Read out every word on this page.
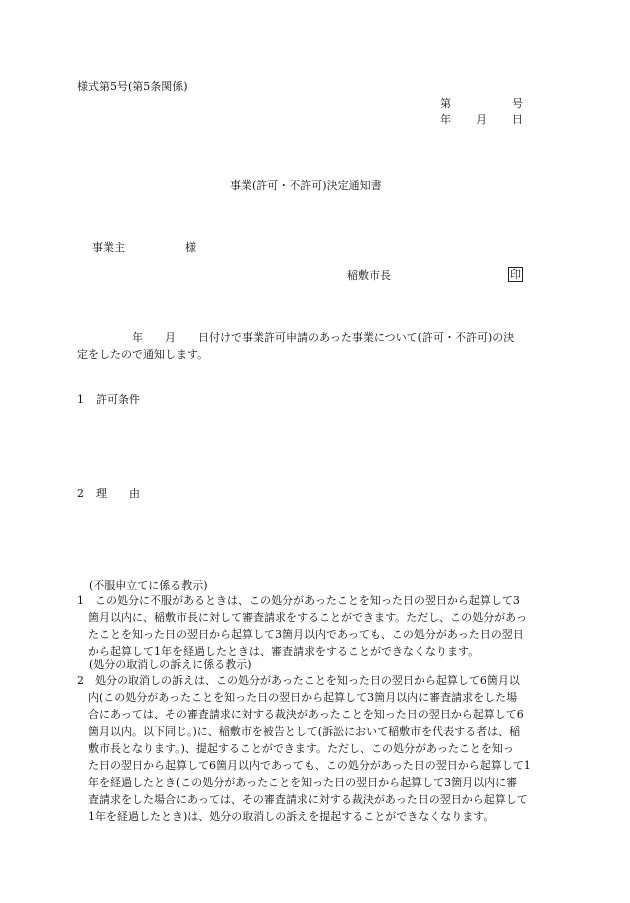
様式第5号(第5条関係)
第	号
年 月 日
事業(許可・不許可)決定通知書
事業主	様
稲敷市長	印
　　　　　年　　月　　日付けで事業許可申請のあった事業について(許可・不許可)の決
定をしたので通知します。
1 許可条件
2 理　　由
(不服申立てに係る教示)
1　この処分に不服があるときは、この処分があったことを知った日の翌日から起算して3
　箇月以内に、稲敷市長に対して審査請求をすることができます。ただし、この処分があっ
　たことを知った日の翌日から起算して3箇月以内であっても、この処分があった日の翌日
　から起算して1年を経過したときは、審査請求をすることができなくなります。
(処分の取消しの訴えに係る教示)
2　処分の取消しの訴えは、この処分があったことを知った日の翌日から起算して6箇月以
　内(この処分があったことを知った日の翌日から起算して3箇月以内に審査請求をした場
　合にあっては、その審査請求に対する裁決があったことを知った日の翌日から起算して6
　箇月以内。以下同じ。)に、稲敷市を被告として(訴訟において稲敷市を代表する者は、稲
　敷市長となります。)、提起することができます。ただし、この処分があったことを知っ
　た日の翌日から起算して6箇月以内であっても、この処分があった日の翌日から起算して1
　年を経過したとき(この処分があったことを知った日の翌日から起算して3箇月以内に審
　査請求をした場合にあっては、その審査請求に対する裁決があった日の翌日から起算して
　1年を経過したとき)は、処分の取消しの訴えを提起することができなくなります。
